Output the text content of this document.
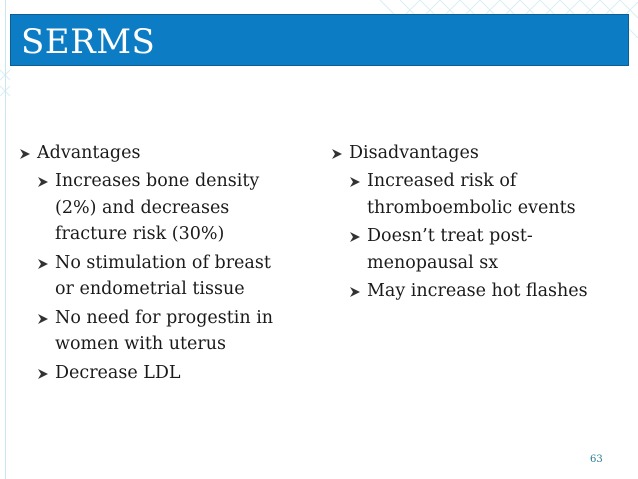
SERMS
Advantages
Increases bone density (2%) and decreases fracture risk (30%)
No stimulation of breast or endometrial tissue
No need for progestin in women with uterus
Decrease LDL
Disadvantages
Increased risk of thromboembolic events
Doesn’t treat post-menopausal sx
May increase hot flashes
63
